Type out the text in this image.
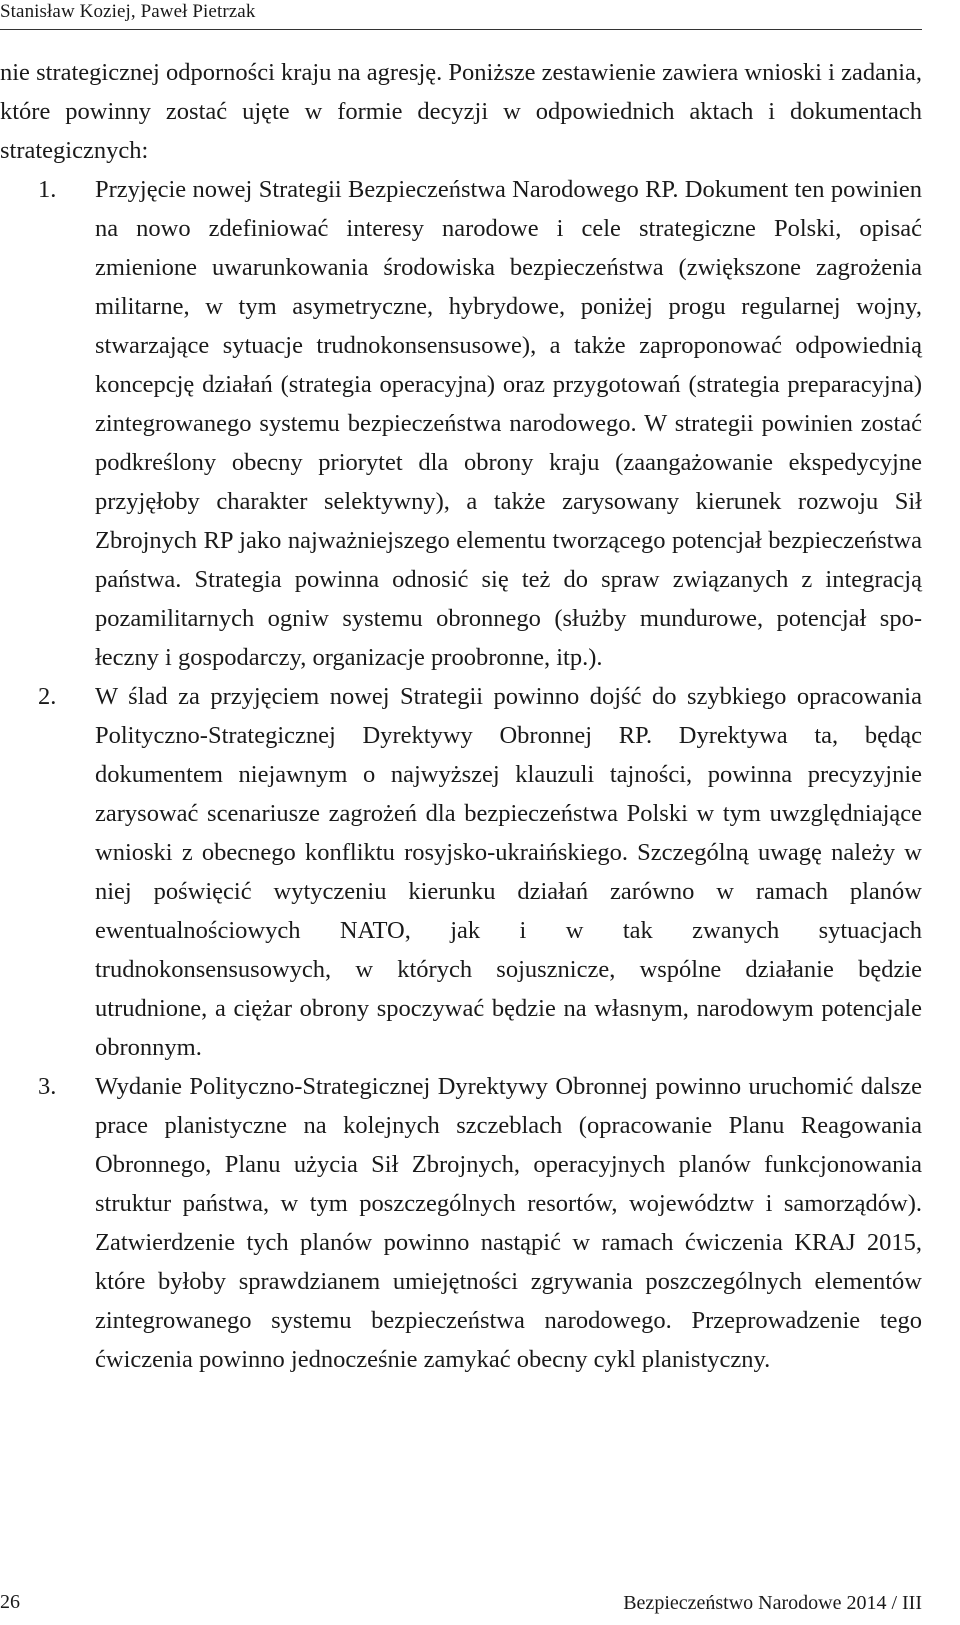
Stanisław Koziej, Paweł Pietrzak

nie strategicznej odporności kraju na agresję. Poniższe zestawienie zawiera wnioski i zadania, które powinny zostać ujęte w formie decyzji w odpowiednich aktach i dokumentach strategicznych:

1. Przyjęcie nowej Strategii Bezpieczeństwa Narodowego RP. Dokument ten powinien na nowo zdefiniować interesy narodowe i cele strategiczne Polski, opisać zmienione uwarunkowania środowiska bezpieczeństwa (zwiększone zagrożenia militarne, w tym asymetryczne, hybrydowe, poniżej progu regularnej wojny, stwarzające sytuacje trudnokonsensusowe), a także zaproponować odpowiednią koncepcję działań (strategia operacyjna) oraz przygotowań (strategia preparacyjna) zintegrowanego systemu bezpieczeństwa narodowego. W strategii powinien zostać podkreślony obecny priorytet dla obrony kraju (zaangażowanie ekspedycyjne przyjęłoby charakter selektywny), a także zarysowany kierunek rozwoju Sił Zbrojnych RP jako najważniejszego elementu tworzącego potencjał bezpieczeństwa państwa. Strategia powinna odnosić się też do spraw związanych z integracją pozamilitarnych ogniw systemu obronnego (służby mundurowe, potencjał społeczny i gospodarczy, organizacje proobronne, itp.).
2. W ślad za przyjęciem nowej Strategii powinno dojść do szybkiego opracowania Polityczno-Strategicznej Dyrektywy Obronnej RP. Dyrektywa ta, będąc dokumentem niejawnym o najwyższej klauzuli tajności, powinna precyzyjnie zarysować scenariusze zagrożeń dla bezpieczeństwa Polski w tym uwzględniające wnioski z obecnego konfliktu rosyjsko-ukraińskiego. Szczególną uwagę należy w niej poświęcić wytyczeniu kierunku działań zarówno w ramach planów ewentualnościowych NATO, jak i w tak zwanych sytuacjach trudnokonsensusowych, w których sojusznicze, wspólne działanie będzie utrudnione, a ciężar obrony spoczywać będzie na własnym, narodowym potencjale obronnym.
3. Wydanie Polityczno-Strategicznej Dyrektywy Obronnej powinno uruchomić dalsze prace planistyczne na kolejnych szczeblach (opracowanie Planu Reagowania Obronnego, Planu użycia Sił Zbrojnych, operacyjnych planów funkcjonowania struktur państwa, w tym poszczególnych resortów, województw i samorządów). Zatwierdzenie tych planów powinno nastąpić w ramach ćwiczenia KRAJ 2015, które byłoby sprawdzianem umiejętności zgrywania poszczególnych elementów zintegrowanego systemu bezpieczeństwa narodowego. Przeprowadzenie tego ćwiczenia powinno jednocześnie zamykać obecny cykl planistyczny.
26	Bezpieczeństwo Narodowe 2014 / III
